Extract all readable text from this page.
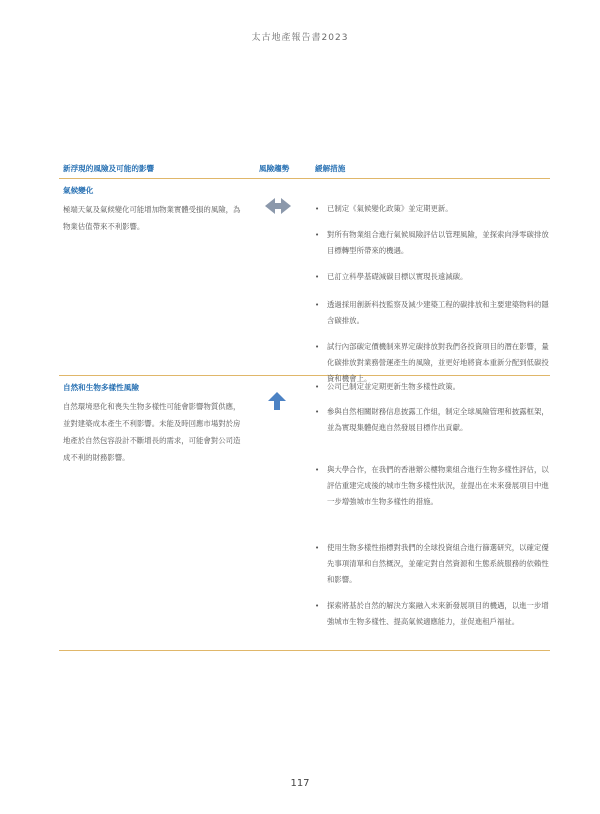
太古地產報告書2023
新浮現的風險及可能的影響	風險趨勢	緩解措施
氣候變化
極端天氣及氣候變化可能增加物業實體受損的風險，為物業估值帶來不利影響。
• 已制定《氣候變化政策》並定期更新。
• 對所有物業組合進行氣候風險評估以管理風險，並探索向淨零碳排放目標轉型所帶來的機遇。
• 已訂立科學基礎減碳目標以實現長遠減碳。
• 透過採用創新科技監察及減少建築工程的碳排放和主要建築物料的隱含碳排放。
• 試行內部碳定價機制來界定碳排放對我們各投資項目的潛在影響，量化碳排放對業務營運產生的風險，並更好地將資本重新分配到低碳投資和機會上。
自然和生物多樣性風險
自然環境惡化和喪失生物多樣性可能會影響物質供應，並對建築成本產生不利影響。未能及時回應市場對於房地產於自然包容設計不斷增長的需求，可能會對公司造成不利的財務影響。
• 公司已制定並定期更新生物多樣性政策。
• 參與自然相關財務信息披露工作組，制定全球風險管理和披露框架，並為實現集體促進自然發展目標作出貢獻。
• 與大學合作，在我們的香港辦公樓物業組合進行生物多樣性評估，以評估重建完成後的城市生物多樣性狀況，並提出在未來發展項目中進一步增強城市生物多樣性的措施。
• 使用生物多樣性指標對我們的全球投資組合進行篩選研究，以確定優先事項清單和自然概況，並確定對自然資源和生態系統服務的依賴性和影響。
• 探索將基於自然的解決方案融入未來新發展項目的機遇，以進一步增強城市生物多樣性、提高氣候適應能力，並促進租戶福祉。
117
